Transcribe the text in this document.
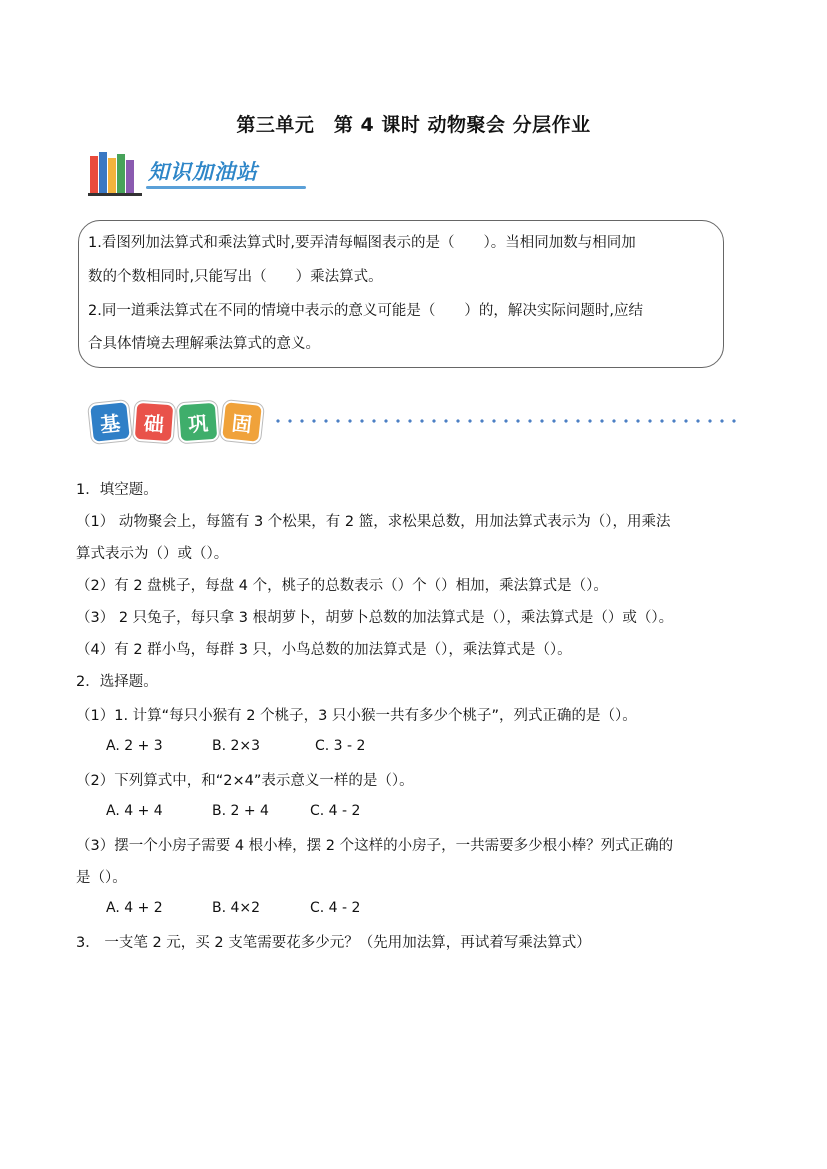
第三单元　第 4 课时 动物聚会 分层作业
知识加油站
1.看图列加法算式和乘法算式时,要弄清每幅图表示的是（　　）。当相同加数与相同加
数的个数相同时,只能写出（　　）乘法算式。
2.同一道乘法算式在不同的情境中表示的意义可能是（　　）的，解决实际问题时,应结
合具体情境去理解乘法算式的意义。
基	础	巩	固
1．填空题。
（1） 动物聚会上，每篮有 3 个松果，有 2 篮，求松果总数，用加法算式表示为（），用乘法
算式表示为（）或（）。
（2）有 2 盘桃子，每盘 4 个，桃子的总数表示（）个（）相加，乘法算式是（）。
（3） 2 只兔子，每只拿 3 根胡萝卜，胡萝卜总数的加法算式是（），乘法算式是（）或（）。
（4）有 2 群小鸟，每群 3 只，小鸟总数的加法算式是（），乘法算式是（）。
2．选择题。
（1）1. 计算“每只小猴有 2 个桃子，3 只小猴一共有多少个桃子”，列式正确的是（）。
A. 2 + 3	B. 2×3	C. 3 - 2
（2）下列算式中，和“2×4”表示意义一样的是（）。
A. 4 + 4	B. 2 + 4	C. 4 - 2
（3）摆一个小房子需要 4 根小棒，摆 2 个这样的小房子，一共需要多少根小棒？列式正确的
是（）。
A. 4 + 2	B. 4×2	C. 4 - 2
3． 一支笔 2 元，买 2 支笔需要花多少元？（先用加法算，再试着写乘法算式）
